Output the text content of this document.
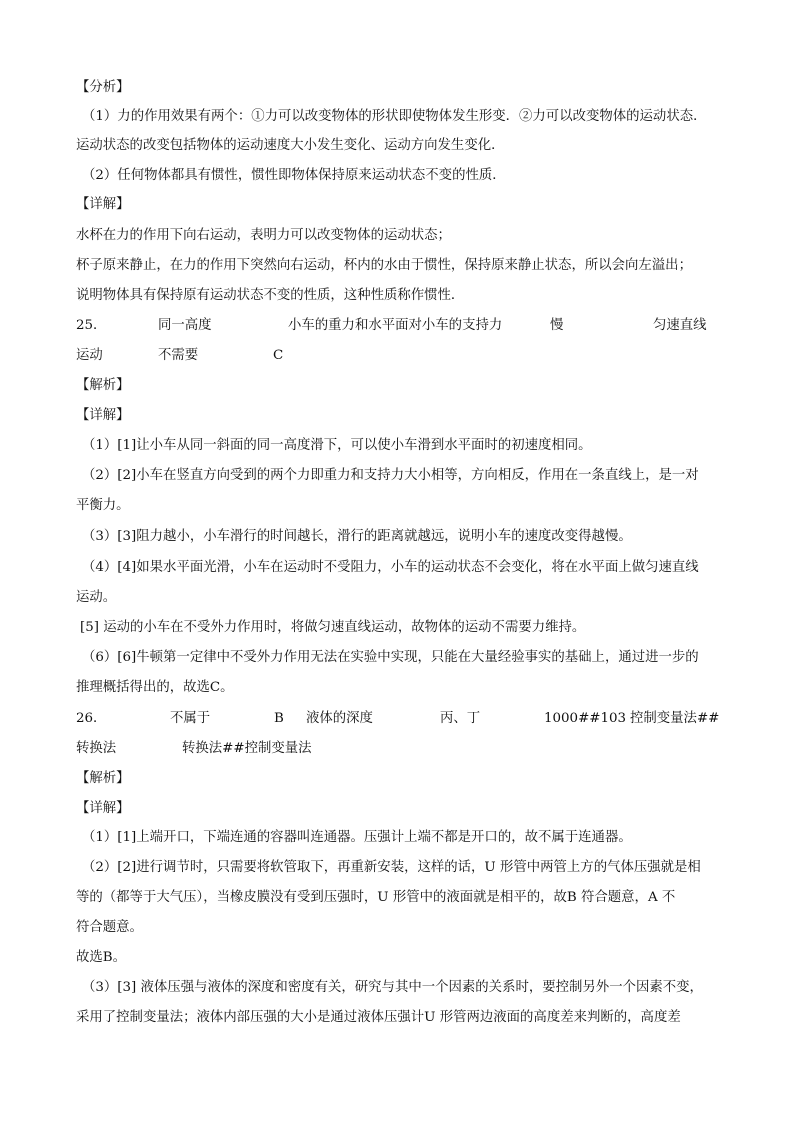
【分析】
（1）力的作用效果有两个：①力可以改变物体的形状即使物体发生形变．②力可以改变物体的运动状态．
运动状态的改变包括物体的运动速度大小发生变化、运动方向发生变化．
（2）任何物体都具有惯性，惯性即物体保持原来运动状态不变的性质．
【详解】
水杯在力的作用下向右运动，表明力可以改变物体的运动状态；
杯子原来静止，在力的作用下突然向右运动，杯内的水由于惯性，保持原来静止状态，所以会向左溢出；
说明物体具有保持原有运动状态不变的性质，这种性质称作惯性．
25．	同一高度	小车的重力和水平面对小车的支持力	慢	匀速直线
运动	不需要	C
【解析】
【详解】
（1）[1]让小车从同一斜面的同一高度滑下，可以使小车滑到水平面时的初速度相同。
（2）[2]小车在竖直方向受到的两个力即重力和支持力大小相等，方向相反，作用在一条直线上，是一对
平衡力。
（3）[3]阻力越小，小车滑行的时间越长，滑行的距离就越远，说明小车的速度改变得越慢。
（4）[4]如果水平面光滑，小车在运动时不受阻力，小车的运动状态不会变化，将在水平面上做匀速直线
运动。
[5] 运动的小车在不受外力作用时，将做匀速直线运动，故物体的运动不需要力维持。
（6）[6]牛顿第一定律中不受外力作用无法在实验中实现，只能在大量经验事实的基础上，通过进一步的
推理概括得出的，故选C。
26．	不属于	B 液体的深度	丙、丁	1000##103 控制变量法##
转换法	转换法##控制变量法
【解析】
【详解】
（1）[1]上端开口，下端连通的容器叫连通器。压强计上端不都是开口的，故不属于连通器。
（2）[2]进行调节时，只需要将软管取下，再重新安装，这样的话，U 形管中两管上方的气体压强就是相
等的（都等于大气压），当橡皮膜没有受到压强时，U 形管中的液面就是相平的，故B 符合题意，A 不
符合题意。
故选B。
（3）[3] 液体压强与液体的深度和密度有关，研究与其中一个因素的关系时，要控制另外一个因素不变，
采用了控制变量法；液体内部压强的大小是通过液体压强计U 形管两边液面的高度差来判断的，高度差
